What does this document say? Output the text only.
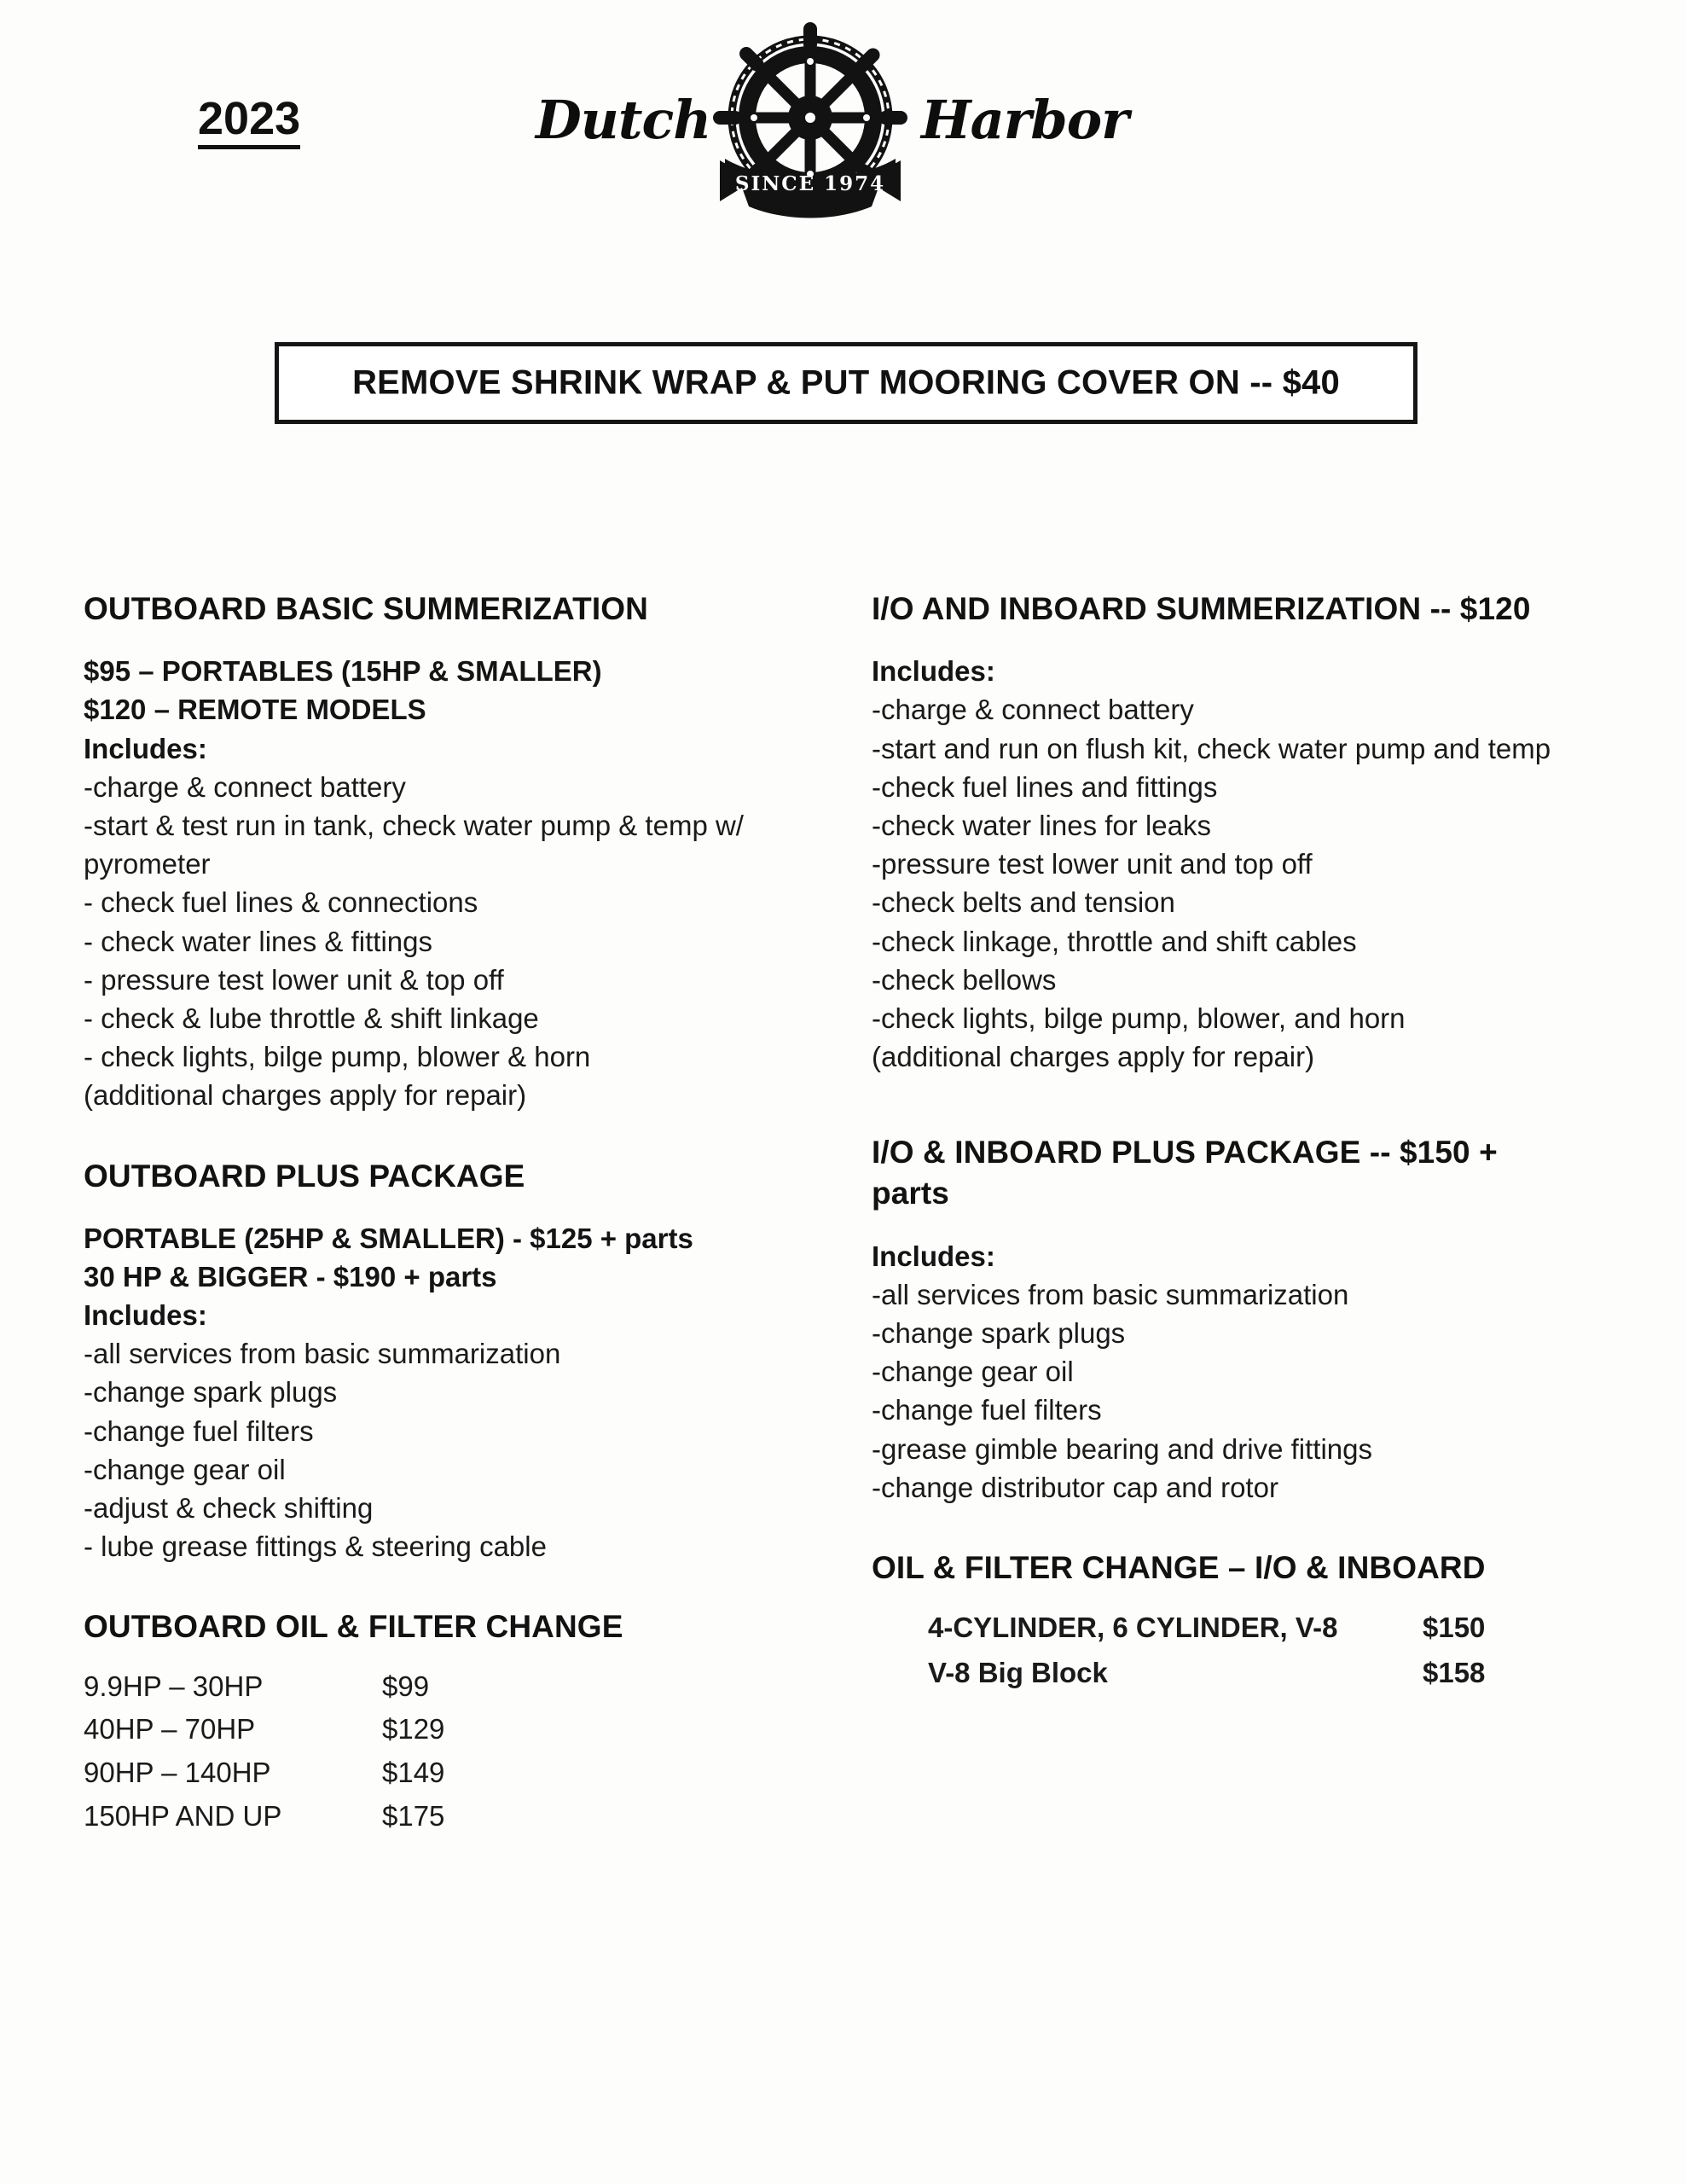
2023	Dutch
SINCE 1974
Harbor
REMOVE SHRINK WRAP & PUT MOORING COVER ON -- $40
OUTBOARD BASIC SUMMERIZATION

$95 – PORTABLES (15HP & SMALLER)

$120 – REMOTE MODELS

Includes:

-charge & connect battery

-start & test run in tank, check water pump & temp w/ pyrometer

- check fuel lines & connections

- check water lines & fittings

- pressure test lower unit & top off

- check & lube throttle & shift linkage

- check lights, bilge pump, blower & horn

(additional charges apply for repair)

OUTBOARD PLUS PACKAGE

PORTABLE (25HP & SMALLER) - $125 + parts

30 HP & BIGGER - $190 + parts

Includes:

-all services from basic summarization

-change spark plugs

-change fuel filters

-change gear oil

-adjust & check shifting

- lube grease fittings & steering cable

OUTBOARD OIL & FILTER CHANGE
9.9HP – 30HP	$99
40HP – 70HP	$129
90HP – 140HP	$149
150HP AND UP	$175
I/O AND INBOARD SUMMERIZATION -- $120

Includes:

-charge & connect battery

-start and run on flush kit, check water pump and temp

-check fuel lines and fittings

-check water lines for leaks

-pressure test lower unit and top off

-check belts and tension

-check linkage, throttle and shift cables

-check bellows

-check lights, bilge pump, blower, and horn

(additional charges apply for repair)

I/O & INBOARD PLUS PACKAGE -- $150 + parts

Includes:

-all services from basic summarization

-change spark plugs

-change gear oil

-change fuel filters

-grease gimble bearing and drive fittings

-change distributor cap and rotor

OIL & FILTER CHANGE – I/O & INBOARD
4-CYLINDER, 6 CYLINDER, V-8	$150
V-8 Big Block	$158
